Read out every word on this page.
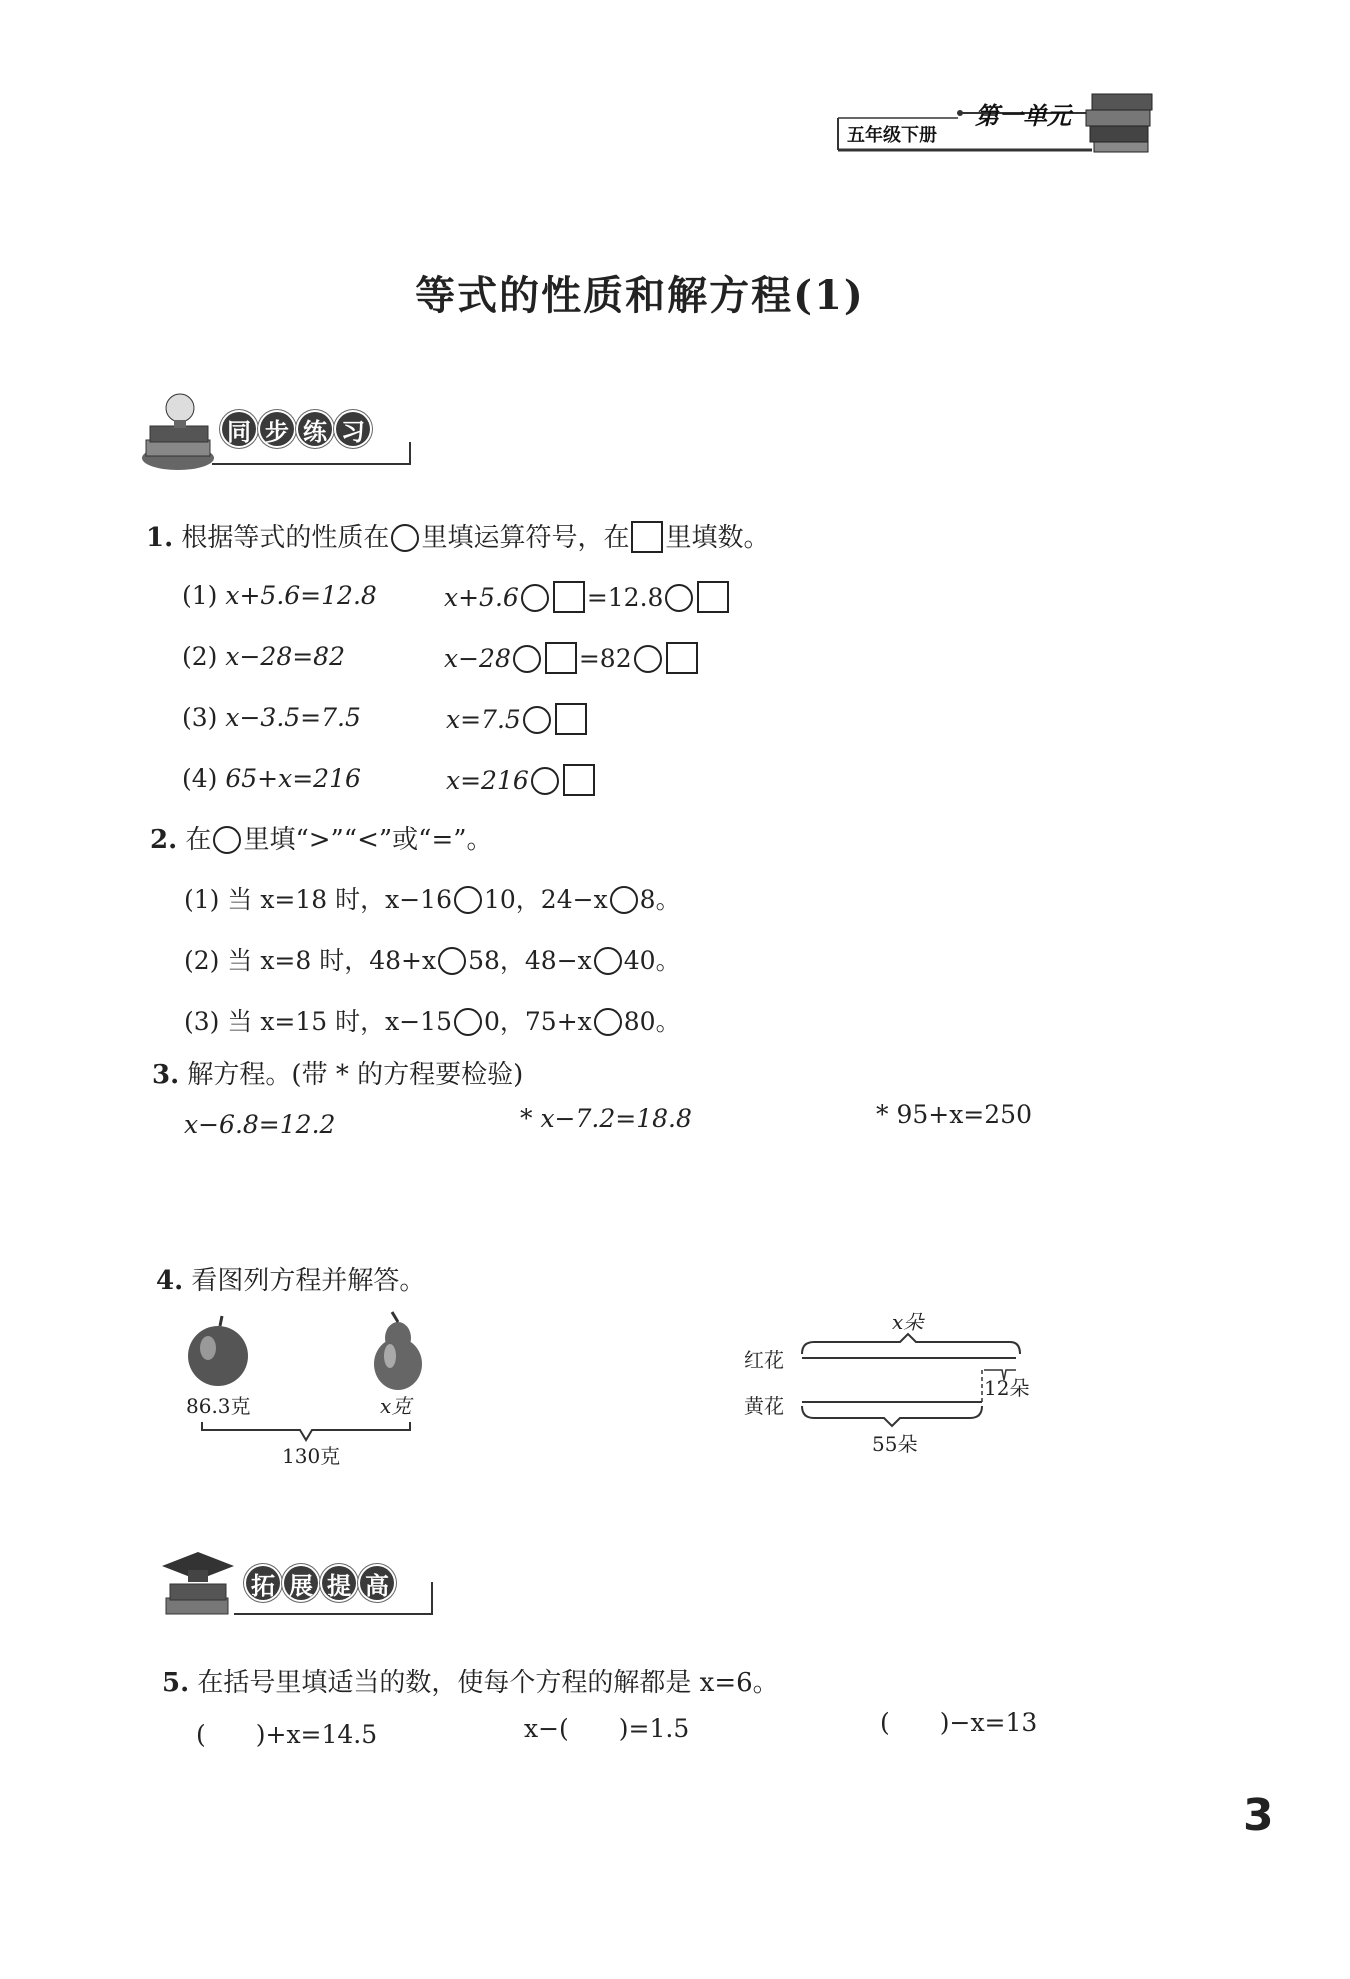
第一单元
五年级下册
等式的性质和解方程(1)
同 步 练 习
1. 根据等式的性质在 里填运算符号，在 里填数。
(1) x+5.6=12.8	x+5.6	=12.8
(2) x−28=82	x−28	=82
(3) x−3.5=7.5	x=7.5
(4) 65+x=216	x=216
2. 在 里填“>”“<”或“=”。
(1) 当 x=18 时，x−16 10，24−x 8。
(2) 当 x=8 时，48+x 58，48−x 40。
(3) 当 x=15 时，x−15 0，75+x 80。
3. 解方程。(带 * 的方程要检验)
x−6.8=12.2	* x−7.2=18.8	* 95+x=250
4. 看图列方程并解答。
86.3克	x克
130克
x朵
红花
12朵
黄花
55朵
拓 展 提 高
5. 在括号里填适当的数，使每个方程的解都是 x=6。
(　　)+x=14.5	x−(　　)=1.5	(　　)−x=13
3
